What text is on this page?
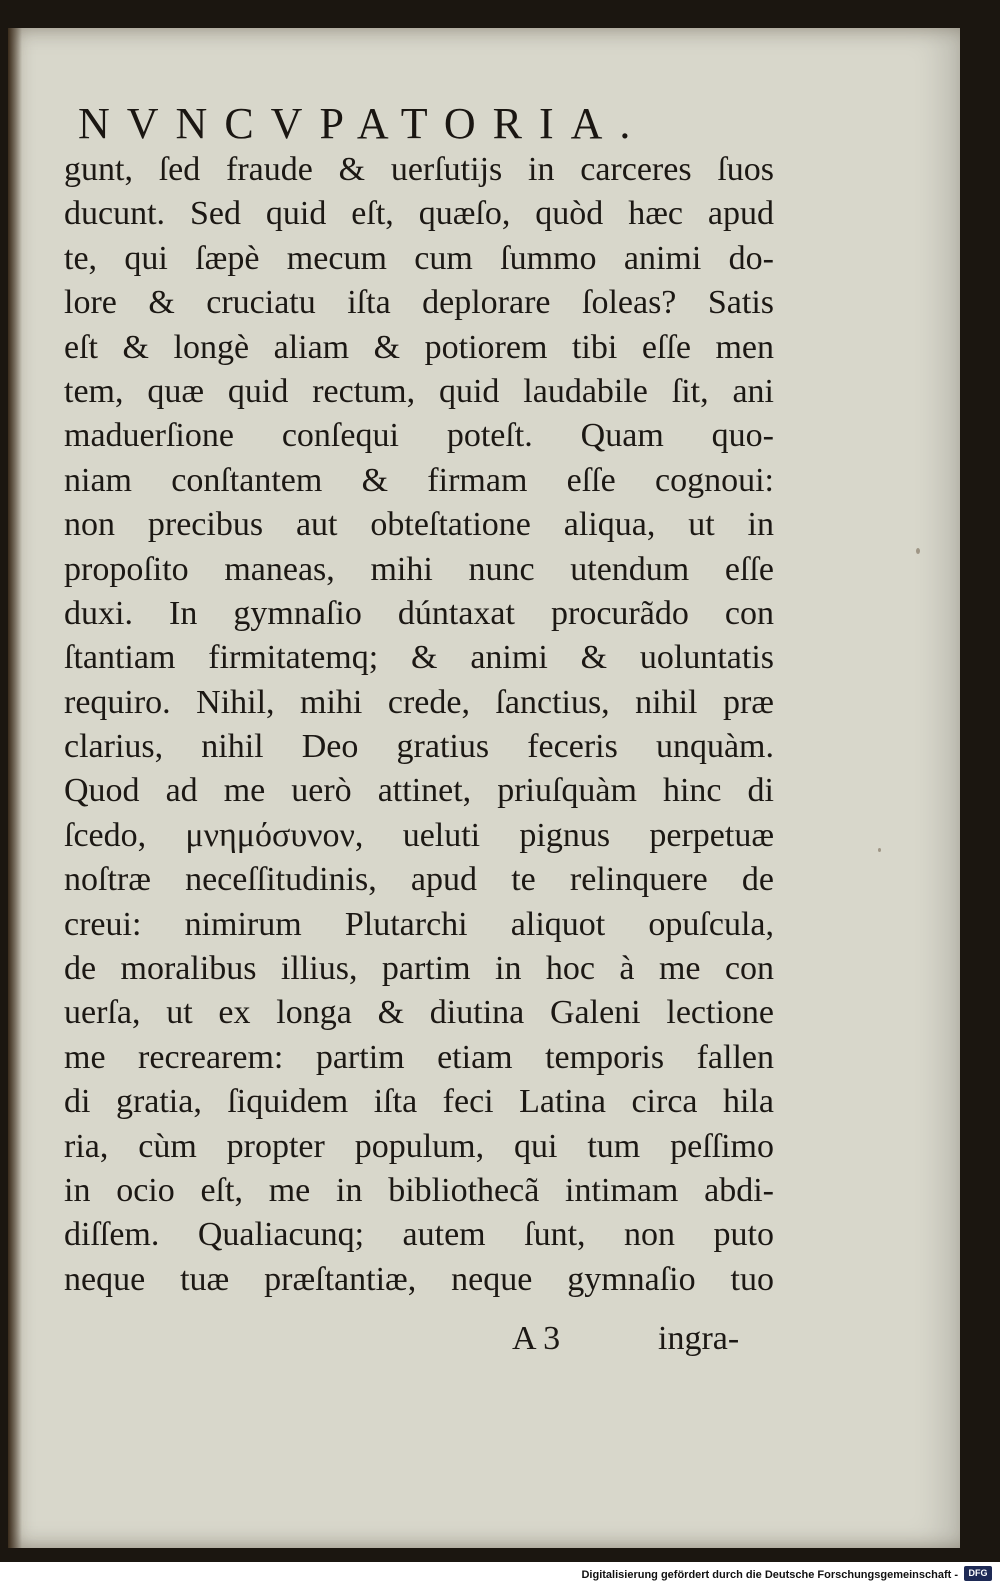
NVNCVPATORIA.
gunt, ſed fraude & uerſutijs in carceres ſuos
ducunt. Sed quid eſt, quæſo, quòd hæc apud
te, qui ſæpè mecum cum ſummo animi do-
lore & cruciatu iſta deplorare ſoleas? Satis
eſt & longè aliam & potiorem tibi eſſe men
tem, quæ quid rectum, quid laudabile ſit, ani
maduerſione conſequi poteſt. Quam quo-
niam conſtantem & firmam eſſe cognoui:
non precibus aut obteſtatione aliqua, ut in
propoſito maneas, mihi nunc utendum eſſe
duxi. In gymnaſio dúntaxat procurãdo con
ſtantiam firmitatemq; & animi & uoluntatis
requiro. Nihil, mihi crede, ſanctius, nihil præ
clarius, nihil Deo gratius feceris unquàm.
Quod ad me uerò attinet, priuſquàm hinc di
ſcedo, μνημόσυνον, ueluti pignus perpetuæ
noſtræ neceſſitudinis, apud te relinquere de
creui: nimirum Plutarchi aliquot opuſcula,
de moralibus illius, partim in hoc à me con
uerſa, ut ex longa & diutina Galeni lectione
me recrearem: partim etiam temporis fallen
di gratia, ſiquidem iſta feci Latina circa hila
ria, cùm propter populum, qui tum peſſimo
in ocio eſt, me in bibliothecã intimam abdi-
diſſem. Qualiacunq; autem ſunt, non puto
neque tuæ præſtantiæ, neque gymnaſio tuo
A 3	ingra-
Digitalisierung gefördert durch die Deutsche Forschungsgemeinschaft -	DFG
